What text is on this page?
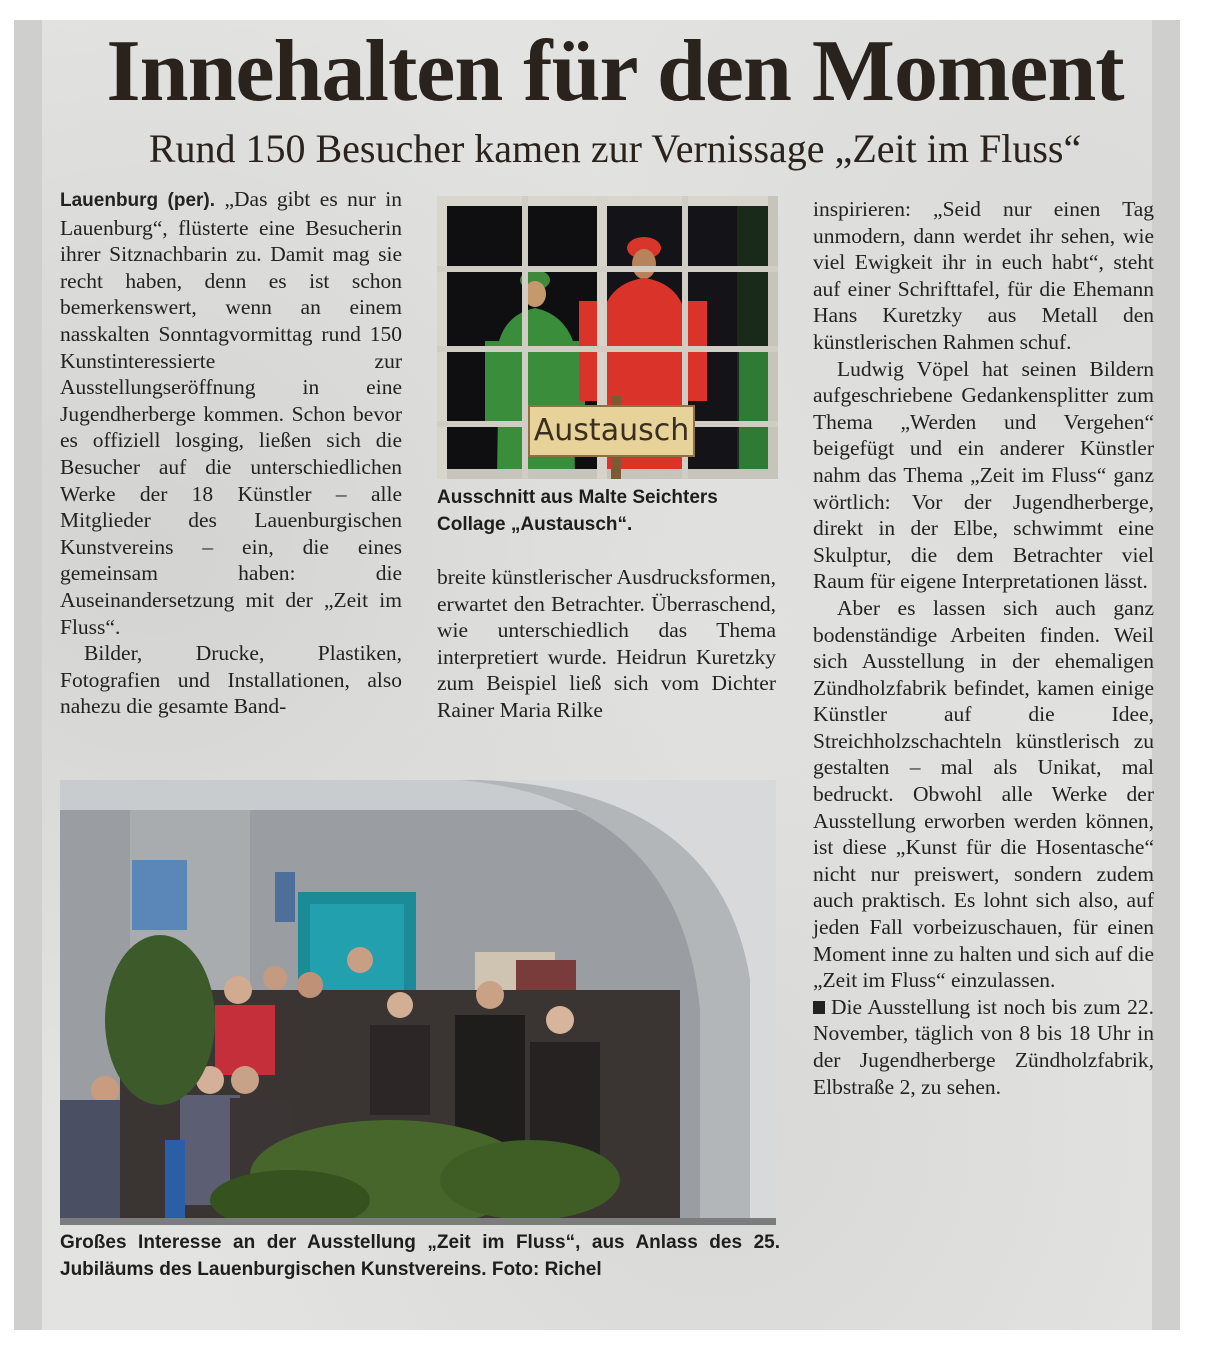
Innehalten für den Moment
Rund 150 Besucher kamen zur Vernissage „Zeit im Fluss“

Lauenburg (per). „Das gibt es nur in Lauenburg“, flüsterte eine Besucherin ihrer Sitznachbarin zu. Damit mag sie recht haben, denn es ist schon bemerkenswert, wenn an einem nasskalten Sonntagvormittag rund 150 Kunstinteressierte zur Ausstellungseröffnung in eine Jugendherberge kommen. Schon bevor es offiziell losging, ließen sich die Besucher auf die unterschiedlichen Werke der 18 Künstler – alle Mitglieder des Lauenburgischen Kunstvereins – ein, die eines gemeinsam haben: die Auseinandersetzung mit der „Zeit im Fluss“.

Bilder, Drucke, Plastiken, Fotografien und Installationen, also nahezu die gesamte Band-

Austausch
Ausschnitt aus Malte Seichters Collage „Austausch“.

breite künstlerischer Ausdrucksformen, erwartet den Betrachter. Überraschend, wie unterschiedlich das Thema interpretiert wurde. Heidrun Kuretzky zum Beispiel ließ sich vom Dichter Rainer Maria Rilke

inspirieren: „Seid nur einen Tag unmodern, dann werdet ihr sehen, wie viel Ewigkeit ihr in euch habt“, steht auf einer Schrifttafel, für die Ehemann Hans Kuretzky aus Metall den künstlerischen Rahmen schuf.

Ludwig Vöpel hat seinen Bildern aufgeschriebene Gedankensplitter zum Thema „Werden und Vergehen“ beigefügt und ein anderer Künstler nahm das Thema „Zeit im Fluss“ ganz wörtlich: Vor der Jugendherberge, direkt in der Elbe, schwimmt eine Skulptur, die dem Betrachter viel Raum für eigene Interpretationen lässt.

Aber es lassen sich auch ganz bodenständige Arbeiten finden. Weil sich Ausstellung in der ehemaligen Zündholzfabrik befindet, kamen einige Künstler auf die Idee, Streichholzschachteln künstlerisch zu gestalten – mal als Unikat, mal bedruckt. Obwohl alle Werke der Ausstellung erworben werden können, ist diese „Kunst für die Hosentasche“ nicht nur preiswert, sondern zudem auch praktisch. Es lohnt sich also, auf jeden Fall vorbeizuschauen, für einen Moment inne zu halten und sich auf die „Zeit im Fluss“ einzulassen.

Die Ausstellung ist noch bis zum 22. November, täglich von 8 bis 18 Uhr in der Jugendherberge Zündholzfabrik, Elbstraße 2, zu sehen.

Großes Interesse an der Ausstellung „Zeit im Fluss“, aus Anlass des 25. Jubiläums des Lauenburgischen Kunstvereins. Foto: Richel
